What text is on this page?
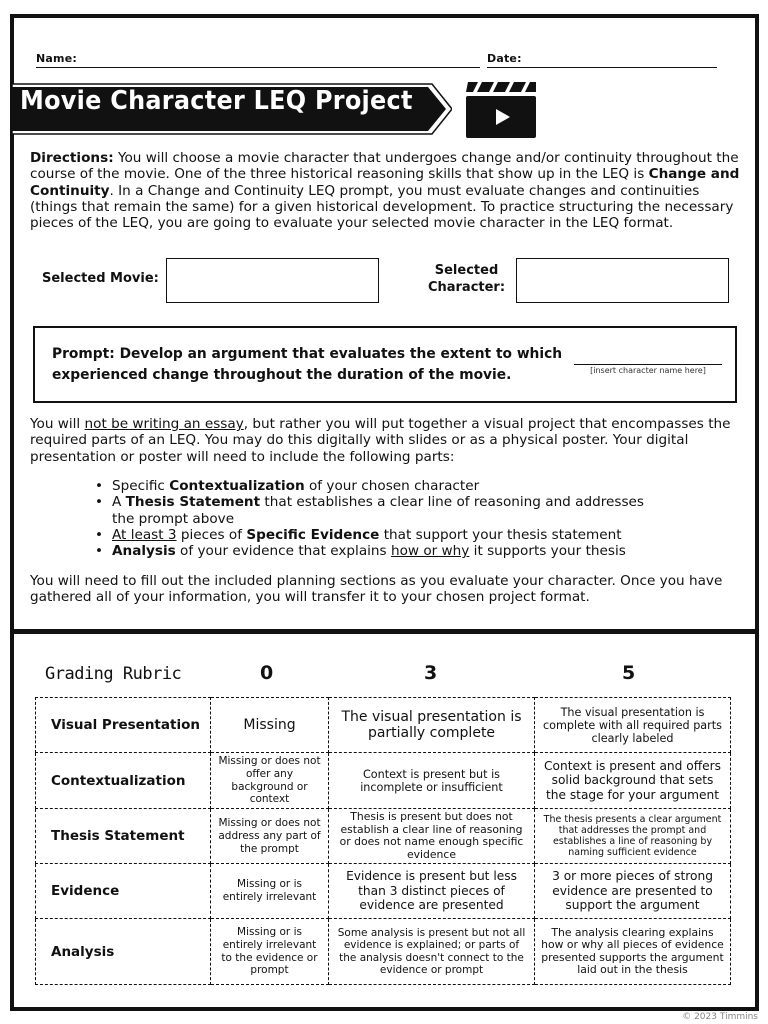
Name:	Date:
Movie Character LEQ Project
Directions: You will choose a movie character that undergoes change and/or continuity throughout the course of the movie. One of the three historical reasoning skills that show up in the LEQ is Change and Continuity. In a Change and Continuity LEQ prompt, you must evaluate changes and continuities (things that remain the same) for a given historical development. To practice structuring the necessary pieces of the LEQ, you are going to evaluate your selected movie character in the LEQ format.
Selected Movie:
Selected
Character:
Prompt: Develop an argument that evaluates the extent to which experienced change throughout the duration of the movie.	[insert character name here]
You will not be writing an essay, but rather you will put together a visual project that encompasses the required parts of an LEQ. You may do this digitally with slides or as a physical poster. Your digital presentation or poster will need to include the following parts:
• Specific Contextualization of your chosen character
• A Thesis Statement that establishes a clear line of reasoning and addresses the prompt above
• At least 3 pieces of Specific Evidence that support your thesis statement
• Analysis of your evidence that explains how or why it supports your thesis
You will need to fill out the included planning sections as you evaluate your character. Once you have gathered all of your information, you will transfer it to your chosen project format.
Grading Rubric	0	3	5
Visual Presentation	Missing	The visual presentation is partially complete	The visual presentation is complete with all required parts clearly labeled
Contextualization	Missing or does not offer any background or context	Context is present but is incomplete or insufficient	Context is present and offers solid background that sets the stage for your argument
Thesis Statement	Missing or does not address any part of the prompt	Thesis is present but does not establish a clear line of reasoning or does not name enough specific evidence	The thesis presents a clear argument that addresses the prompt and establishes a line of reasoning by naming sufficient evidence
Evidence	Missing or is entirely irrelevant	Evidence is present but less than 3 distinct pieces of evidence are presented	3 or more pieces of strong evidence are presented to support the argument
Analysis	Missing or is entirely irrelevant to the evidence or prompt	Some analysis is present but not all evidence is explained; or parts of the analysis doesn't connect to the evidence or prompt	The analysis clearing explains how or why all pieces of evidence presented supports the argument laid out in the thesis
© 2023 Timmins
